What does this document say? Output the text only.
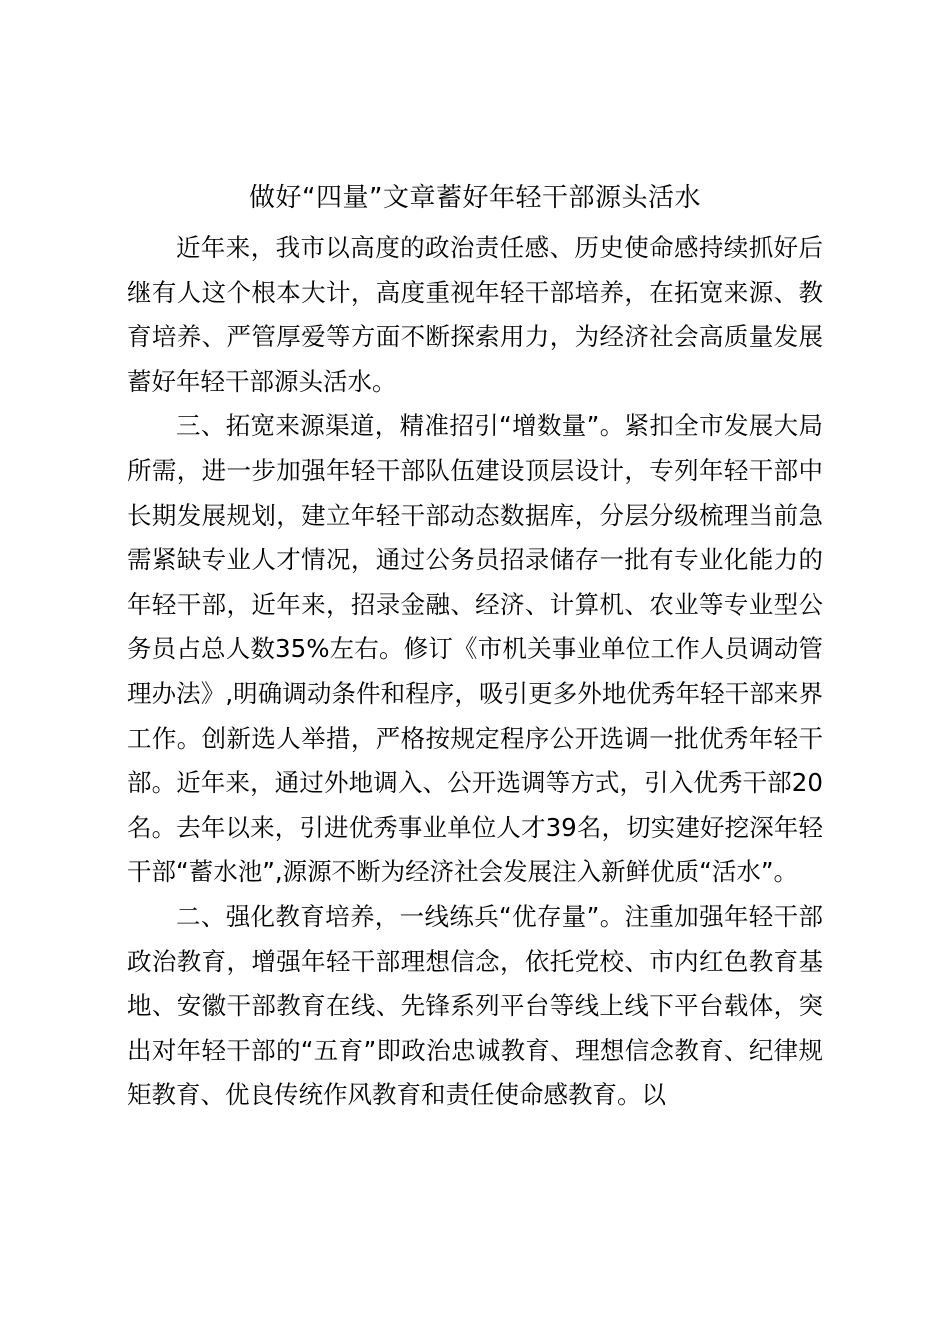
做好“四量”文章蓄好年轻干部源头活水

近年来，我市以高度的政治责任感、历史使命感持续抓好后继有人这个根本大计，高度重视年轻干部培养，在拓宽来源、教育培养、严管厚爱等方面不断探索用力，为经济社会高质量发展蓄好年轻干部源头活水。

三、拓宽来源渠道，精准招引“增数量”。紧扣全市发展大局所需，进一步加强年轻干部队伍建设顶层设计，专列年轻干部中长期发展规划，建立年轻干部动态数据库，分层分级梳理当前急需紧缺专业人才情况，通过公务员招录储存一批有专业化能力的年轻干部，近年来，招录金融、经济、计算机、农业等专业型公务员占总人数35%左右。修订《市机关事业单位工作人员调动管理办法》,明确调动条件和程序，吸引更多外地优秀年轻干部来界工作。创新选人举措，严格按规定程序公开选调一批优秀年轻干部。近年来，通过外地调入、公开选调等方式，引入优秀干部20名。去年以来，引进优秀事业单位人才39名，切实建好挖深年轻干部“蓄水池”,源源不断为经济社会发展注入新鲜优质“活水”。

二、强化教育培养，一线练兵“优存量”。注重加强年轻干部政治教育，增强年轻干部理想信念，依托党校、市内红色教育基地、安徽干部教育在线、先锋系列平台等线上线下平台载体，突出对年轻干部的“五育”即政治忠诚教育、理想信念教育、纪律规矩教育、优良传统作风教育和责任使命感教育。以
